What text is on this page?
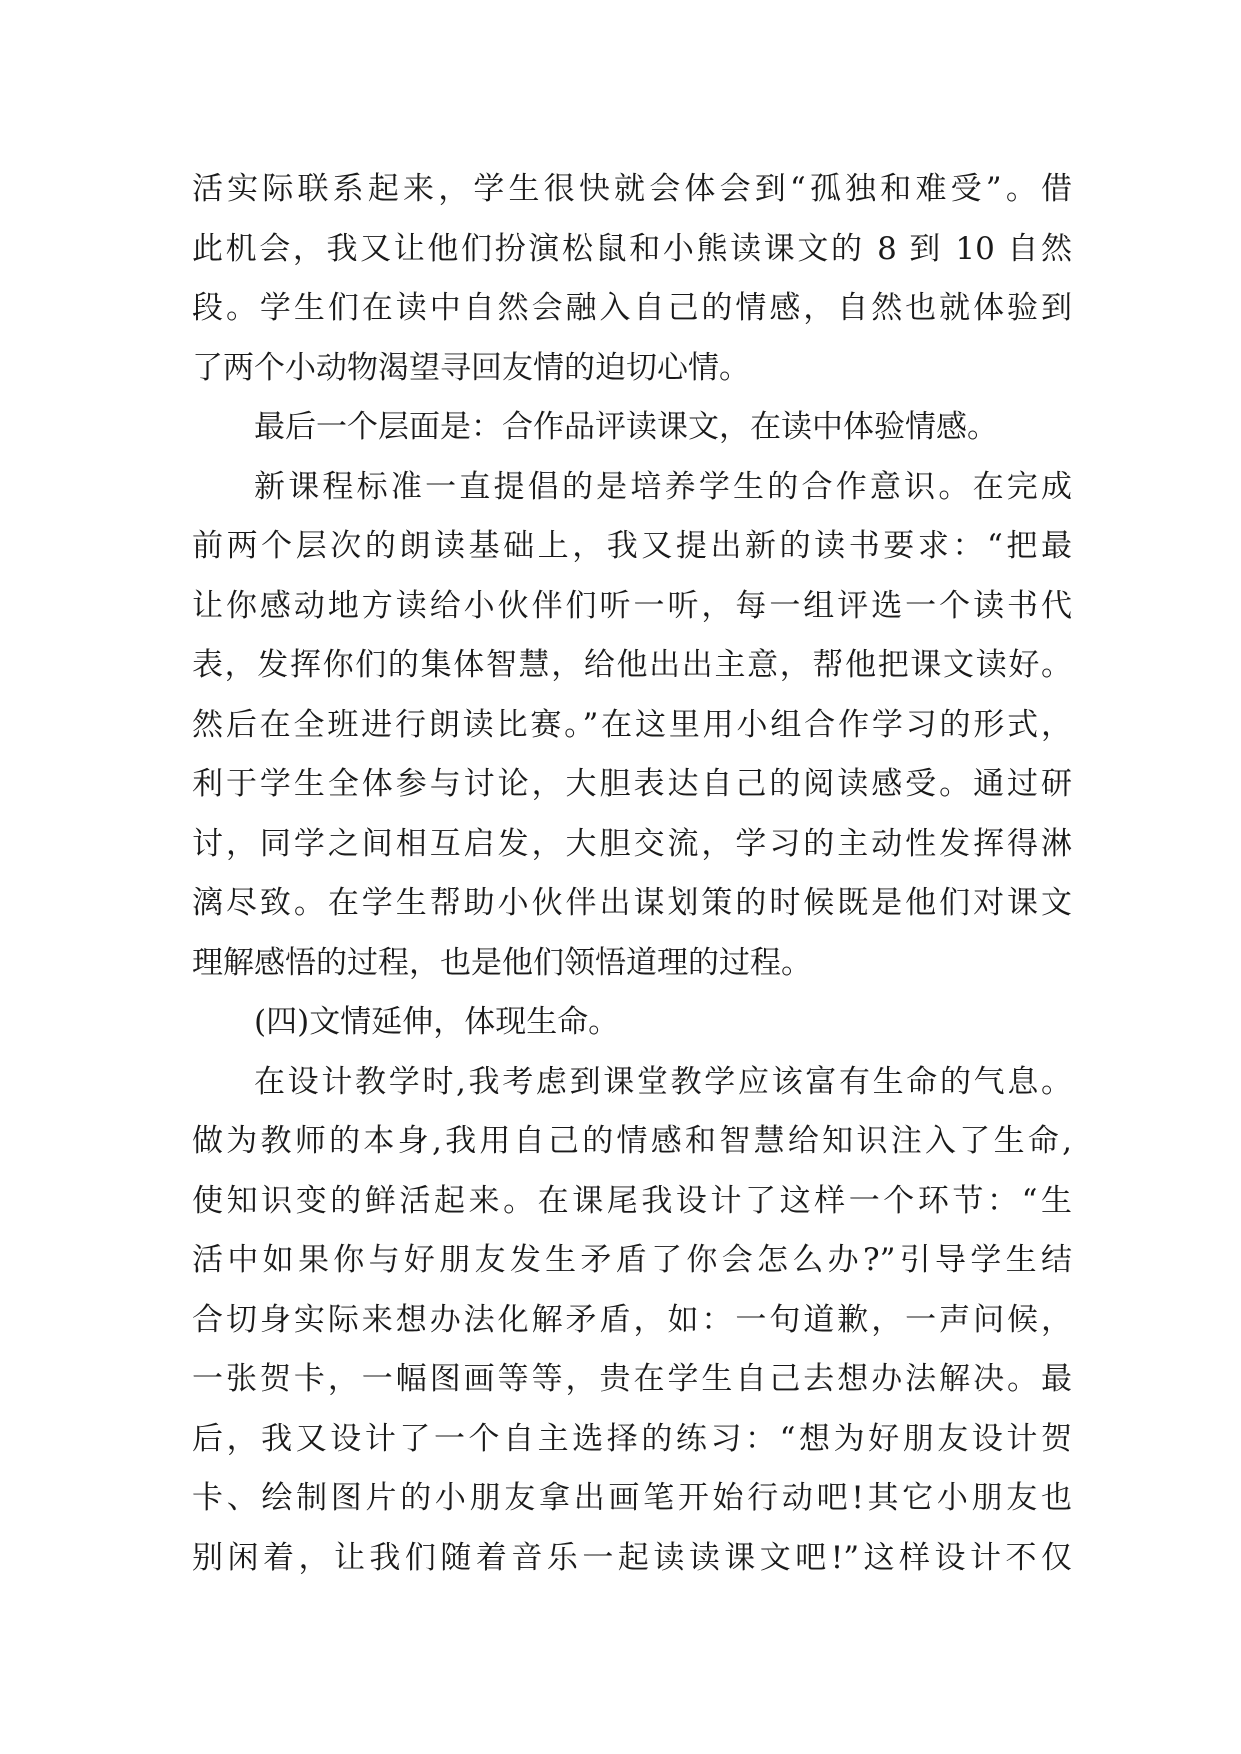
活实际联系起来，学生很快就会体会到“孤独和难受”。借
此机会，我又让他们扮演松鼠和小熊读课文的 8 到 10 自然
段。学生们在读中自然会融入自己的情感，自然也就体验到
了两个小动物渴望寻回友情的迫切心情。
最后一个层面是：合作品评读课文，在读中体验情感。
新课程标准一直提倡的是培养学生的合作意识。在完成
前两个层次的朗读基础上，我又提出新的读书要求：“把最
让你感动地方读给小伙伴们听一听，每一组评选一个读书代
表，发挥你们的集体智慧，给他出出主意，帮他把课文读好。
然后在全班进行朗读比赛。”在这里用小组合作学习的形式，
利于学生全体参与讨论，大胆表达自己的阅读感受。通过研
讨，同学之间相互启发，大胆交流，学习的主动性发挥得淋
漓尽致。在学生帮助小伙伴出谋划策的时候既是他们对课文
理解感悟的过程，也是他们领悟道理的过程。
(四)文情延伸，体现生命。
在设计教学时,我考虑到课堂教学应该富有生命的气息。
做为教师的本身,我用自己的情感和智慧给知识注入了生命,
使知识变的鲜活起来。在课尾我设计了这样一个环节：“生
活中如果你与好朋友发生矛盾了你会怎么办?”引导学生结
合切身实际来想办法化解矛盾，如：一句道歉，一声问候，
一张贺卡，一幅图画等等，贵在学生自己去想办法解决。最
后，我又设计了一个自主选择的练习：“想为好朋友设计贺
卡、绘制图片的小朋友拿出画笔开始行动吧!其它小朋友也
别闲着，让我们随着音乐一起读读课文吧!”这样设计不仅
